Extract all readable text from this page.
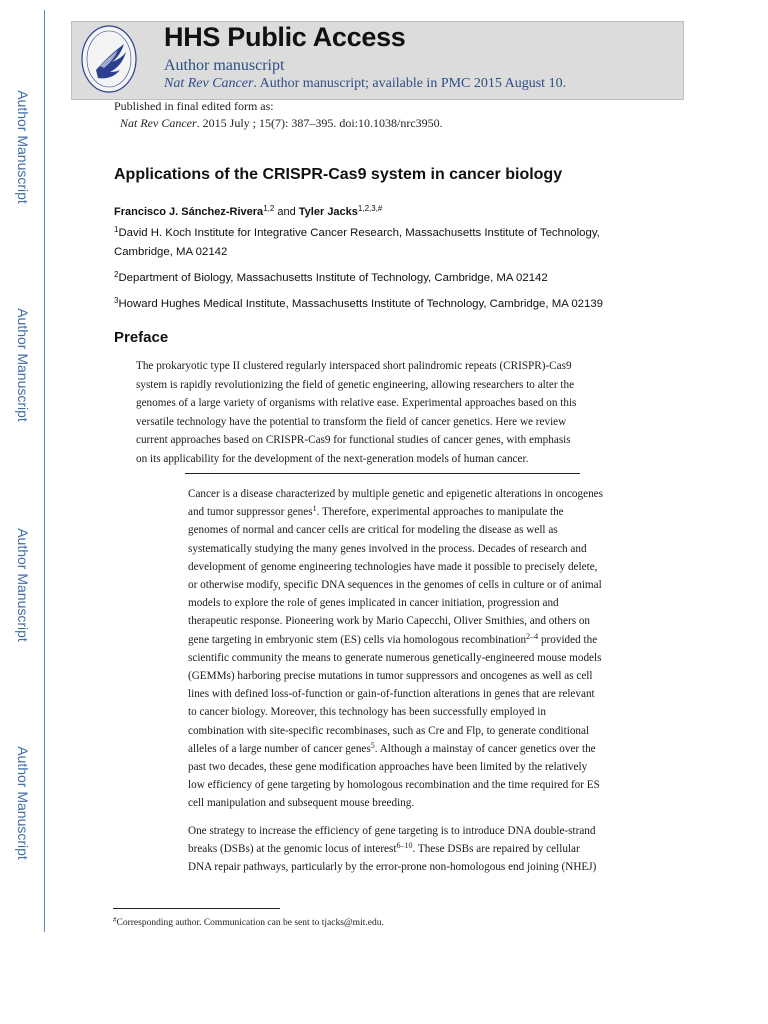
Author Manuscript
Author Manuscript
Author Manuscript
Author Manuscript
HHS Public Access
Author manuscript
Nat Rev Cancer. Author manuscript; available in PMC 2015 August 10.
Published in final edited form as:
Nat Rev Cancer. 2015 July ; 15(7): 387–395. doi:10.1038/nrc3950.
Applications of the CRISPR-Cas9 system in cancer biology
Francisco J. Sánchez-Rivera$^{1,2}$ and Tyler Jacks$^{1,2,3,\#}$
$^1$David H. Koch Institute for Integrative Cancer Research, Massachusetts Institute of Technology,
Cambridge, MA 02142
$^2$Department of Biology, Massachusetts Institute of Technology, Cambridge, MA 02142
$^3$Howard Hughes Medical Institute, Massachusetts Institute of Technology, Cambridge, MA 02139
Preface
The prokaryotic type II clustered regularly interspaced short palindromic repeats (CRISPR)-Cas9
system is rapidly revolutionizing the field of genetic engineering, allowing researchers to alter the
genomes of a large variety of organisms with relative ease. Experimental approaches based on this
versatile technology have the potential to transform the field of cancer genetics. Here we review
current approaches based on CRISPR-Cas9 for functional studies of cancer genes, with emphasis
on its applicability for the development of the next-generation models of human cancer.
Cancer is a disease characterized by multiple genetic and epigenetic alterations in oncogenes
and tumor suppressor genes$^1$. Therefore, experimental approaches to manipulate the
genomes of normal and cancer cells are critical for modeling the disease as well as
systematically studying the many genes involved in the process. Decades of research and
development of genome engineering technologies have made it possible to precisely delete,
or otherwise modify, specific DNA sequences in the genomes of cells in culture or of animal
models to explore the role of genes implicated in cancer initiation, progression and
therapeutic response. Pioneering work by Mario Capecchi, Oliver Smithies, and others on
gene targeting in embryonic stem (ES) cells via homologous recombination$^{2-4}$ provided the
scientific community the means to generate numerous genetically-engineered mouse models
(GEMMs) harboring precise mutations in tumor suppressors and oncogenes as well as cell
lines with defined loss-of-function or gain-of-function alterations in genes that are relevant
to cancer biology. Moreover, this technology has been successfully employed in
combination with site-specific recombinases, such as Cre and Flp, to generate conditional
alleles of a large number of cancer genes$^5$. Although a mainstay of cancer genetics over the
past two decades, these gene modification approaches have been limited by the relatively
low efficiency of gene targeting by homologous recombination and the time required for ES
cell manipulation and subsequent mouse breeding.
One strategy to increase the efficiency of gene targeting is to introduce DNA double-strand
breaks (DSBs) at the genomic locus of interest$^{6-10}$. These DSBs are repaired by cellular
DNA repair pathways, particularly by the error-prone non-homologous end joining (NHEJ)
#Corresponding author. Communication can be sent to tjacks@mit.edu.
